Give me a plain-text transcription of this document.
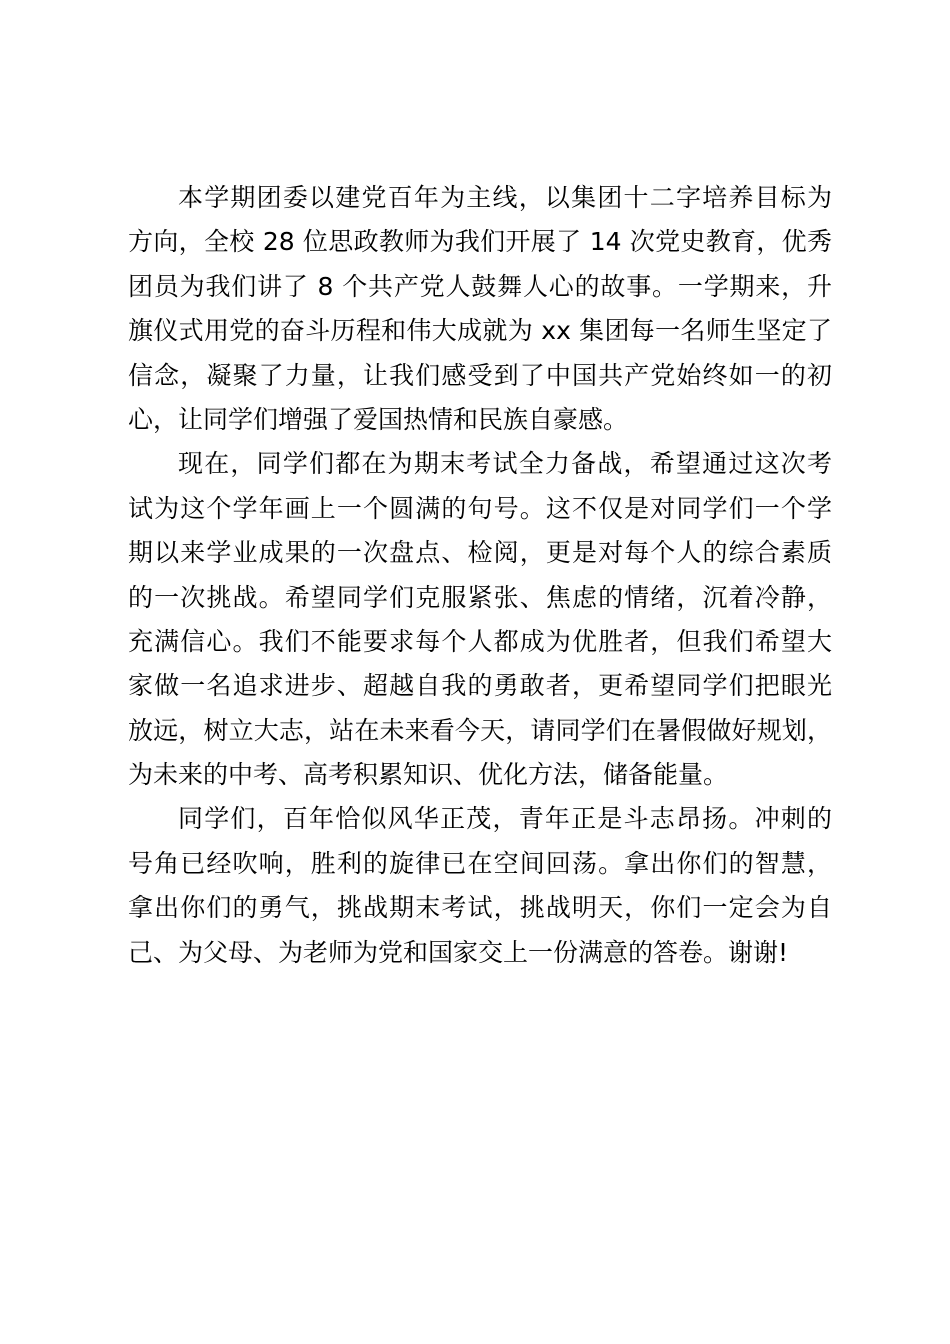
本学期团委以建党百年为主线，以集团十二字培养目标为
方向，全校 28 位思政教师为我们开展了 14 次党史教育，优秀
团员为我们讲了 8 个共产党人鼓舞人心的故事。一学期来，升
旗仪式用党的奋斗历程和伟大成就为 xx 集团每一名师生坚定了
信念，凝聚了力量，让我们感受到了中国共产党始终如一的初
心，让同学们增强了爱国热情和民族自豪感。
现在，同学们都在为期末考试全力备战，希望通过这次考
试为这个学年画上一个圆满的句号。这不仅是对同学们一个学
期以来学业成果的一次盘点、检阅，更是对每个人的综合素质
的一次挑战。希望同学们克服紧张、焦虑的情绪，沉着冷静，
充满信心。我们不能要求每个人都成为优胜者，但我们希望大
家做一名追求进步、超越自我的勇敢者，更希望同学们把眼光
放远，树立大志，站在未来看今天，请同学们在暑假做好规划，
为未来的中考、高考积累知识、优化方法，储备能量。
同学们，百年恰似风华正茂，青年正是斗志昂扬。冲刺的
号角已经吹响，胜利的旋律已在空间回荡。拿出你们的智慧，
拿出你们的勇气，挑战期末考试，挑战明天，你们一定会为自
己、为父母、为老师为党和国家交上一份满意的答卷。谢谢!
